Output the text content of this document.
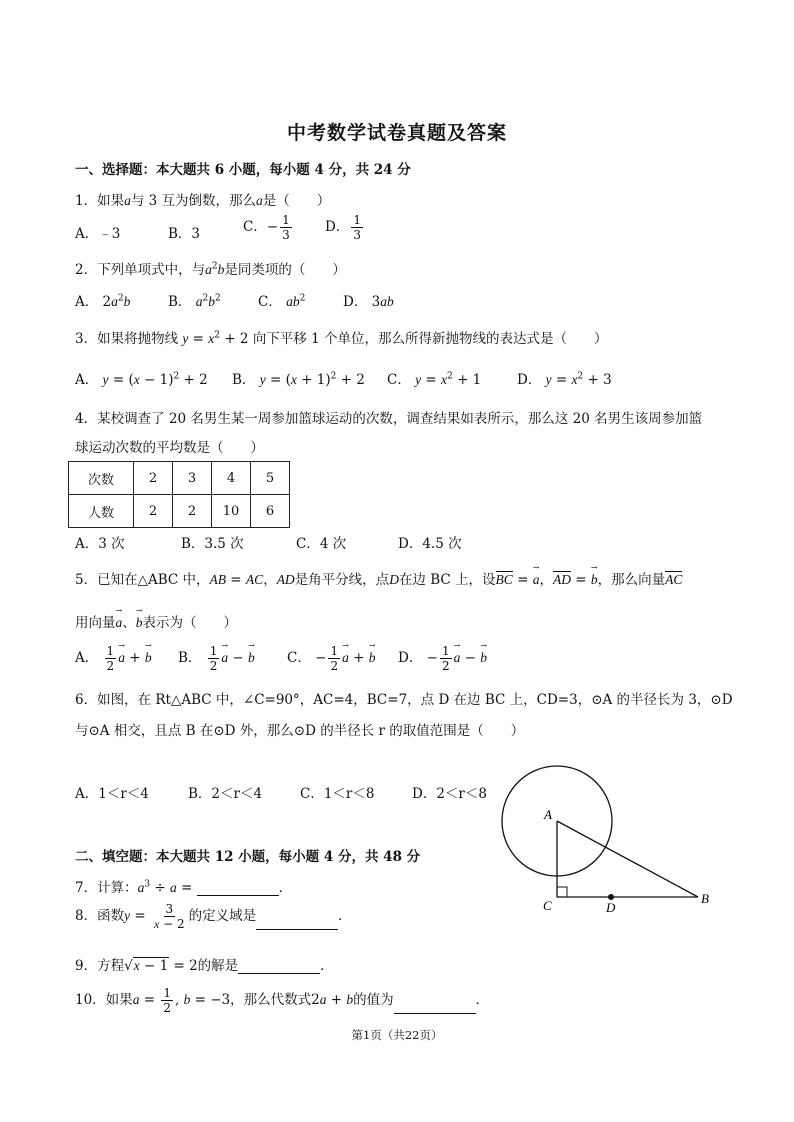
中考数学试卷真题及答案
一、选择题：本大题共 6 小题，每小题 4 分，共 24 分
1．如果a与 3 互为倒数，那么a是（　　）
A．﹣3	B．3	C．− $\frac{1}{3}$ D． $\frac{1}{3}$
2．下列单项式中，与$a^2b$是同类项的（　　）
A． $2a^2b$	B． $a^2b^2$	C． $ab^2$	D． 3ab
3．如果将抛物线 $y = x^2 + 2$ 向下平移 1 个单位，那么所得新抛物线的表达式是（　　）
A． $y = (x - 1)^2 + 2$ B． $y = (x + 1)^2 + 2$ C． $y = x^2 + 1$	D． $y = x^2 + 3$
4．某校调查了 20 名男生某一周参加篮球运动的次数，调查结果如表所示，那么这 20 名男生该周参加篮
球运动次数的平均数是（　　）
次数	2	3	4	5
人数	2	2	10	6
A．3 次	B．3.5 次	C．4 次	D．4.5 次
5．已知在△ABC 中，AB = AC，AD是角平分线，点D在边 BC 上，设BC = → a，AD = → b，那么向量AC
用向量→ a、→ b表示为（　　）
A． $\frac{1}{2} \to a$ + → b B． $\frac{1}{2} \to a$ − → b C． − $\frac{1}{2} \to a$ + → b D． − $\frac{1}{2} \to a$ − → b
6．如图，在 Rt△ABC 中，∠C=90°，AC=4，BC=7，点 D 在边 BC 上，CD=3，⊙A 的半径长为 3，⊙D
与⊙A 相交，且点 B 在⊙D 外，那么⊙D 的半径长 r 的取值范围是（　　）
A．1＜r＜4	B．2＜r＜4	C．1＜r＜8	D．2＜r＜8
A
C	D
B
二、填空题：本大题共 12 小题，每小题 4 分，共 48 分
7．计算：$a^3 \div a$ =	．
8．函数$y = \frac{3}{x - 2}$ 的定义域是	．
9．方程√x − 1 = 2的解是	．
10．如果$a = \frac{1}{2}$ , b = −3，那么代数式2a + b的值为	．
第1页（共22页）
